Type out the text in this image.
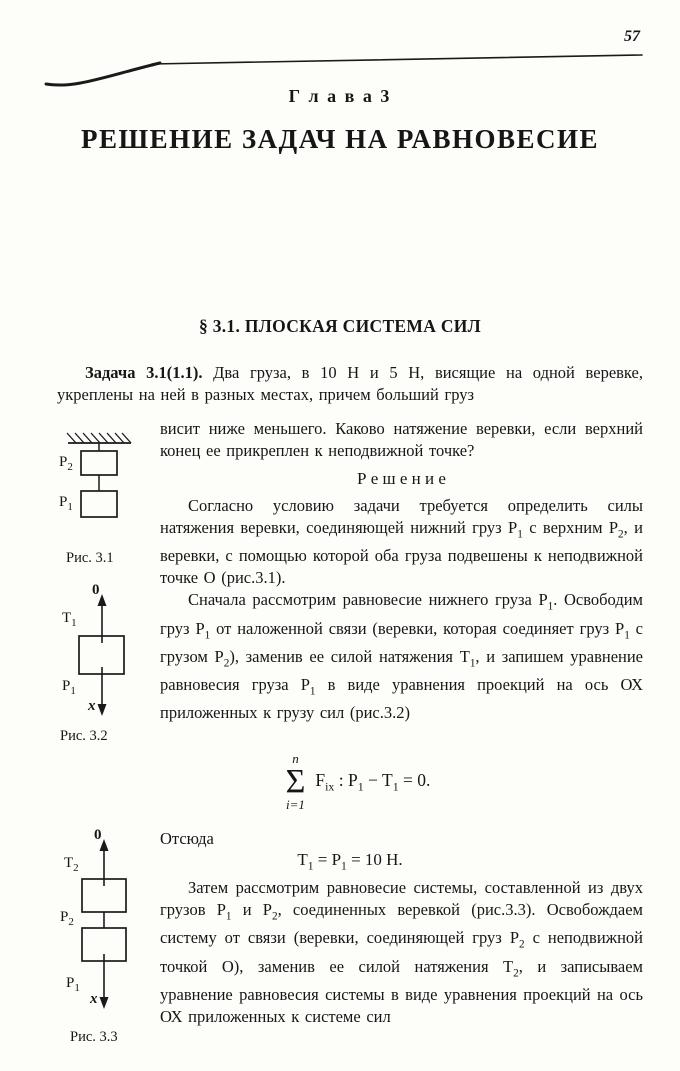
57
Г л а в а 3
РЕШЕНИЕ ЗАДАЧ НА РАВНОВЕСИЕ
§ 3.1. ПЛОСКАЯ СИСТЕМА СИЛ

Задача 3.1(1.1). Два груза, в 10 Н и 5 Н, висящие на одной веревке, укреплены на ней в разных местах, причем больший груз

висит ниже меньшего. Каково натяжение веревки, если верхний конец ее прикреплен к неподвижной точке?

Р е ш е н и е

Согласно условию задачи требуется определить силы натяжения веревки, соединяющей нижний груз $P_1$ с верхним $P_2$, и веревки, с помощью которой оба груза подвешены к неподвижной точке О (рис.3.1).

Сначала рассмотрим равновесие нижнего груза $P_1$. Освободим груз $P_1$ от наложенной связи (веревки, которая соединяет груз $P_1$ с грузом $P_2$), заменив ее силой натяжения $T_1$, и запишем уравнение равновесия груза $P_1$ в виде уравнения проекций на ось ОХ приложенных к грузу сил (рис.3.2)

n
Σ
i=1
$F_{ix}$ : $P_1 - T_1 = 0$.
Отсюда
$T_1 = P_1 = 10$ Н.

Затем рассмотрим равновесие системы, составленной из двух грузов $P_1$ и $P_2$, соединенных веревкой (рис.3.3). Освобождаем систему от связи (веревки, соединяющей груз $P_2$ с неподвижной точкой О), заменив ее силой натяжения $T_2$, и записываем уравнение равновесия системы в виде уравнения проекций на ось ОХ приложенных к системе сил

$P_2$
$P_1$
Рис. 3.1
0
$T_1$
$P_1$
x
Рис. 3.2
0
$T_2$
$P_2$
$P_1$
x
Рис. 3.3
